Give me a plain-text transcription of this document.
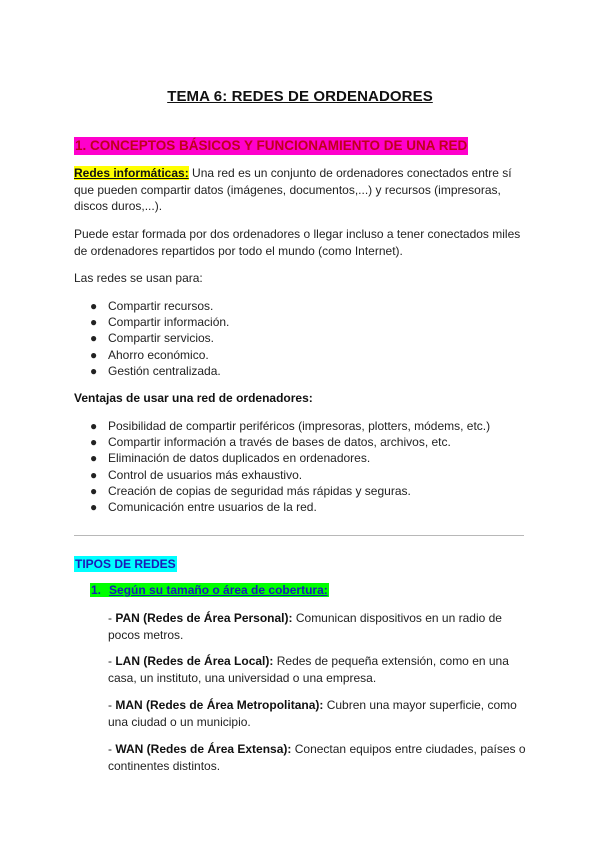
TEMA 6: REDES DE ORDENADORES
1. CONCEPTOS BÁSICOS Y FUNCIONAMIENTO DE UNA RED
Redes informáticas: Una red es un conjunto de ordenadores conectados entre sí que pueden compartir datos (imágenes, documentos,...) y recursos (impresoras, discos duros,...).
Puede estar formada por dos ordenadores o llegar incluso a tener conectados miles de ordenadores repartidos por todo el mundo (como Internet).
Las redes se usan para:
● Compartir recursos.
● Compartir información.
● Compartir servicios.
● Ahorro económico.
● Gestión centralizada.
Ventajas de usar una red de ordenadores:
● Posibilidad de compartir periféricos (impresoras, plotters, módems, etc.)
● Compartir información a través de bases de datos, archivos, etc.
● Eliminación de datos duplicados en ordenadores.
● Control de usuarios más exhaustivo.
● Creación de copias de seguridad más rápidas y seguras.
● Comunicación entre usuarios de la red.
TIPOS DE REDES
1. Según su tamaño o área de cobertura:
- PAN (Redes de Área Personal): Comunican dispositivos en un radio de pocos metros.
- LAN (Redes de Área Local): Redes de pequeña extensión, como en una casa, un instituto, una universidad o una empresa.
- MAN (Redes de Área Metropolitana): Cubren una mayor superficie, como una ciudad o un municipio.
- WAN (Redes de Área Extensa): Conectan equipos entre ciudades, países o continentes distintos.
